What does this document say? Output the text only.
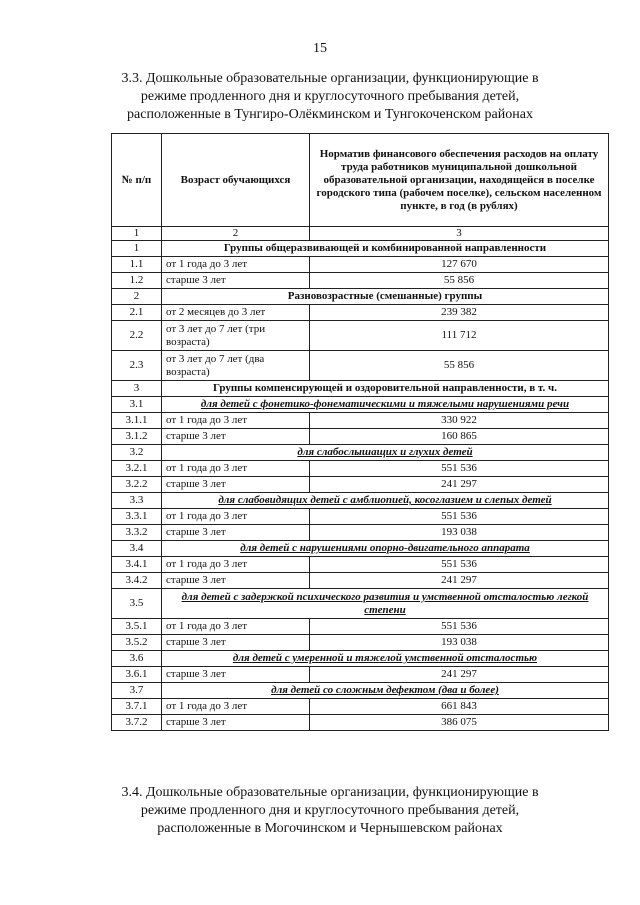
15
3.3. Дошкольные образовательные организации, функционирующие в
режиме продленного дня и круглосуточного пребывания детей,
расположенные в Тунгиро-Олёкминском и Тунгокоченском районах
№ п/п	Возраст обучающихся	Норматив финансового обеспечения расходов на оплату труда работников муниципальной дошкольной образовательной организации, находящейся в поселке городского типа (рабочем поселке), сельском населенном пункте, в год (в рублях)
1	2	3
1	Группы общеразвивающей и комбинированной направленности	
1.1	от 1 года до 3 лет	127 670
1.2	старше 3 лет	55 856
2	Разновозрастные (смешанные) группы	
2.1	от 2 месяцев до 3 лет	239 382
2.2	от 3 лет до 7 лет (три возраста)	111 712
2.3	от 3 лет до 7 лет (два возраста)	55 856
3	Группы компенсирующей и оздоровительной направленности, в т. ч.	
3.1	для детей с фонетико-фонематическими и тяжелыми нарушениями речи	
3.1.1	от 1 года до 3 лет	330 922
3.1.2	старше 3 лет	160 865
3.2	для слабослышащих и глухих детей	
3.2.1	от 1 года до 3 лет	551 536
3.2.2	старше 3 лет	241 297
3.3	для слабовидящих детей с амблиопией, косоглазием и слепых детей	
3.3.1	от 1 года до 3 лет	551 536
3.3.2	старше 3 лет	193 038
3.4	для детей с нарушениями опорно-двигательного аппарата	
3.4.1	от 1 года до 3 лет	551 536
3.4.2	старше 3 лет	241 297
3.5	для детей с задержкой психического развития и умственной отсталостью легкой степени	
3.5.1	от 1 года до 3 лет	551 536
3.5.2	старше 3 лет	193 038
3.6	для детей с умеренной и тяжелой умственной отсталостью	
3.6.1	старше 3 лет	241 297
3.7	для детей со сложным дефектом (два и более)	
3.7.1	от 1 года до 3 лет	661 843
3.7.2	старше 3 лет	386 075
3.4. Дошкольные образовательные организации, функционирующие в
режиме продленного дня и круглосуточного пребывания детей,
расположенные в Могочинском и Чернышевском районах
